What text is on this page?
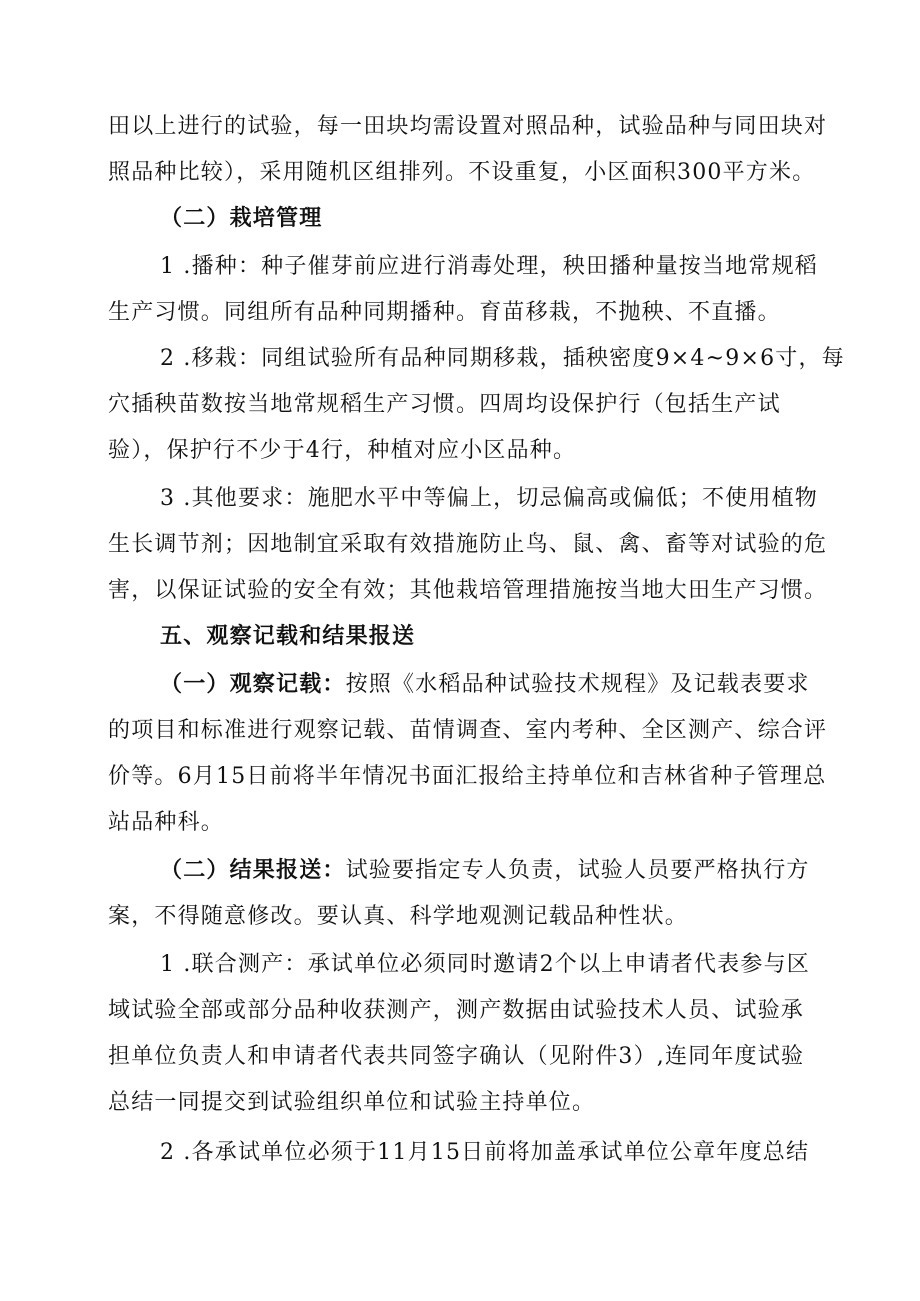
田以上进行的试验，每一田块均需设置对照品种，试验品种与同田块对
照品种比较），采用随机区组排列。不设重复，小区面积300平方米。
（二）栽培管理
1 .播种：种子催芽前应进行消毒处理，秧田播种量按当地常规稻
生产习惯。同组所有品种同期播种。育苗移栽，不抛秧、不直播。
2 .移栽：同组试验所有品种同期移栽，插秧密度9×4~9×6寸，每
穴插秧苗数按当地常规稻生产习惯。四周均设保护行（包括生产试
验），保护行不少于4行，种植对应小区品种。
3 .其他要求：施肥水平中等偏上，切忌偏高或偏低；不使用植物
生长调节剂；因地制宜采取有效措施防止鸟、鼠、禽、畜等对试验的危
害，以保证试验的安全有效；其他栽培管理措施按当地大田生产习惯。
五、观察记载和结果报送
（一）观察记载：按照《水稻品种试验技术规程》及记载表要求
的项目和标准进行观察记载、苗情调查、室内考种、全区测产、综合评
价等。6月15日前将半年情况书面汇报给主持单位和吉林省种子管理总
站品种科。
（二）结果报送：试验要指定专人负责，试验人员要严格执行方
案，不得随意修改。要认真、科学地观测记载品种性状。
1 .联合测产：承试单位必须同时邀请2个以上申请者代表参与区
域试验全部或部分品种收获测产，测产数据由试验技术人员、试验承
担单位负责人和申请者代表共同签字确认（见附件3）,连同年度试验
总结一同提交到试验组织单位和试验主持单位。
2 .各承试单位必须于11月15日前将加盖承试单位公章年度总结
